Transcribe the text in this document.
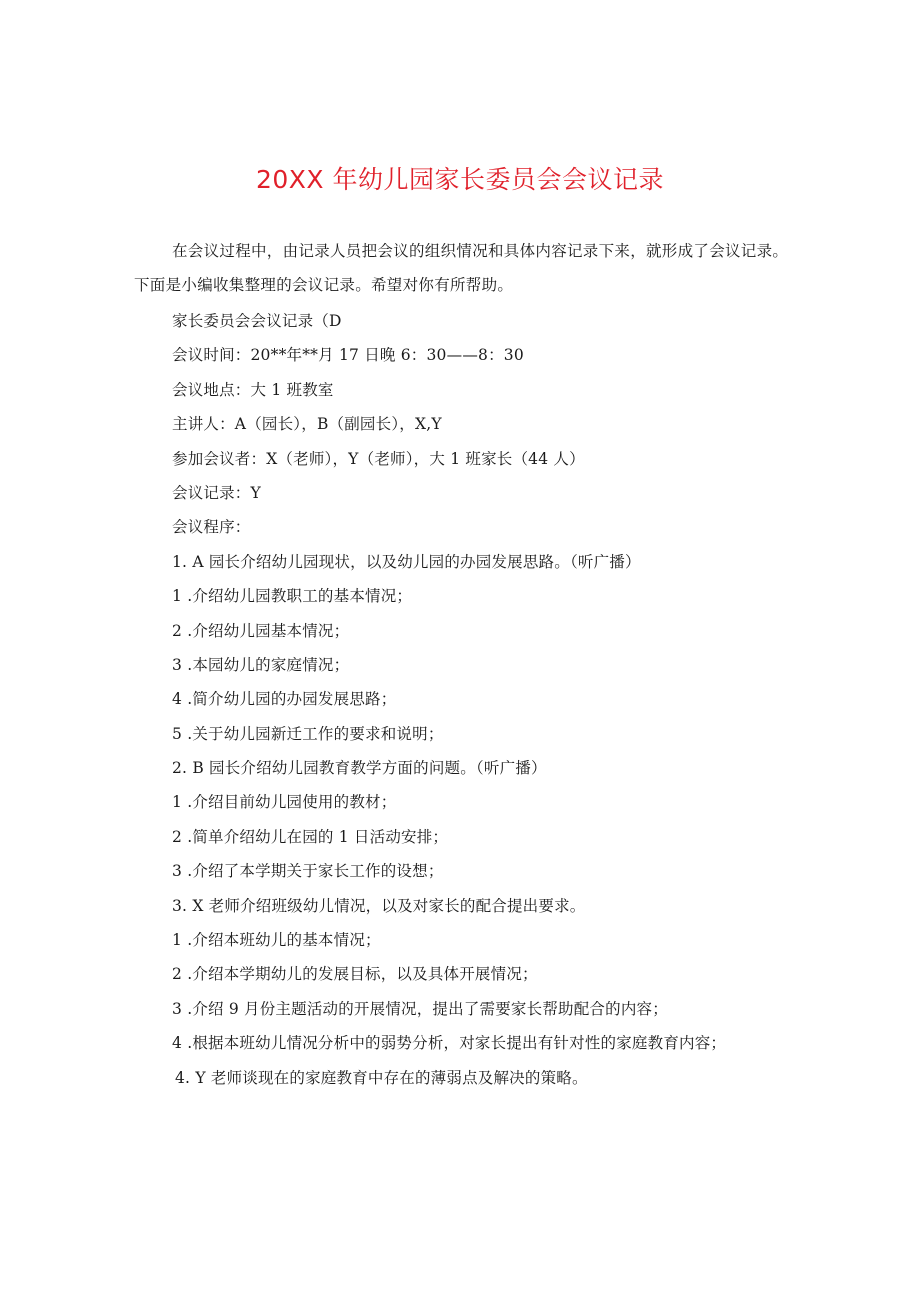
20XX 年幼儿园家长委员会会议记录
在会议过程中，由记录人员把会议的组织情况和具体内容记录下来，就形成了会议记录。下面是小编收集整理的会议记录。希望对你有所帮助。
家长委员会会议记录（D
会议时间：20**年**月 17 日晚 6：30——8：30
会议地点：大 1 班教室
主讲人：A（园长），B（副园长），X,Y
参加会议者：X（老师），Y（老师），大 1 班家长（44 人）
会议记录：Y
会议程序：
1. A 园长介绍幼儿园现状，以及幼儿园的办园发展思路。（听广播）
1 .介绍幼儿园教职工的基本情况；
2 .介绍幼儿园基本情况；
3 .本园幼儿的家庭情况；
4 .简介幼儿园的办园发展思路；
5 .关于幼儿园新迁工作的要求和说明；
2. B 园长介绍幼儿园教育教学方面的问题。（听广播）
1 .介绍目前幼儿园使用的教材；
2 .简单介绍幼儿在园的 1 日活动安排；
3 .介绍了本学期关于家长工作的设想；
3. X 老师介绍班级幼儿情况，以及对家长的配合提出要求。
1 .介绍本班幼儿的基本情况；
2 .介绍本学期幼儿的发展目标，以及具体开展情况；
3 .介绍 9 月份主题活动的开展情况，提出了需要家长帮助配合的内容；
4 .根据本班幼儿情况分析中的弱势分析，对家长提出有针对性的家庭教育内容；
4. Y 老师谈现在的家庭教育中存在的薄弱点及解决的策略。
